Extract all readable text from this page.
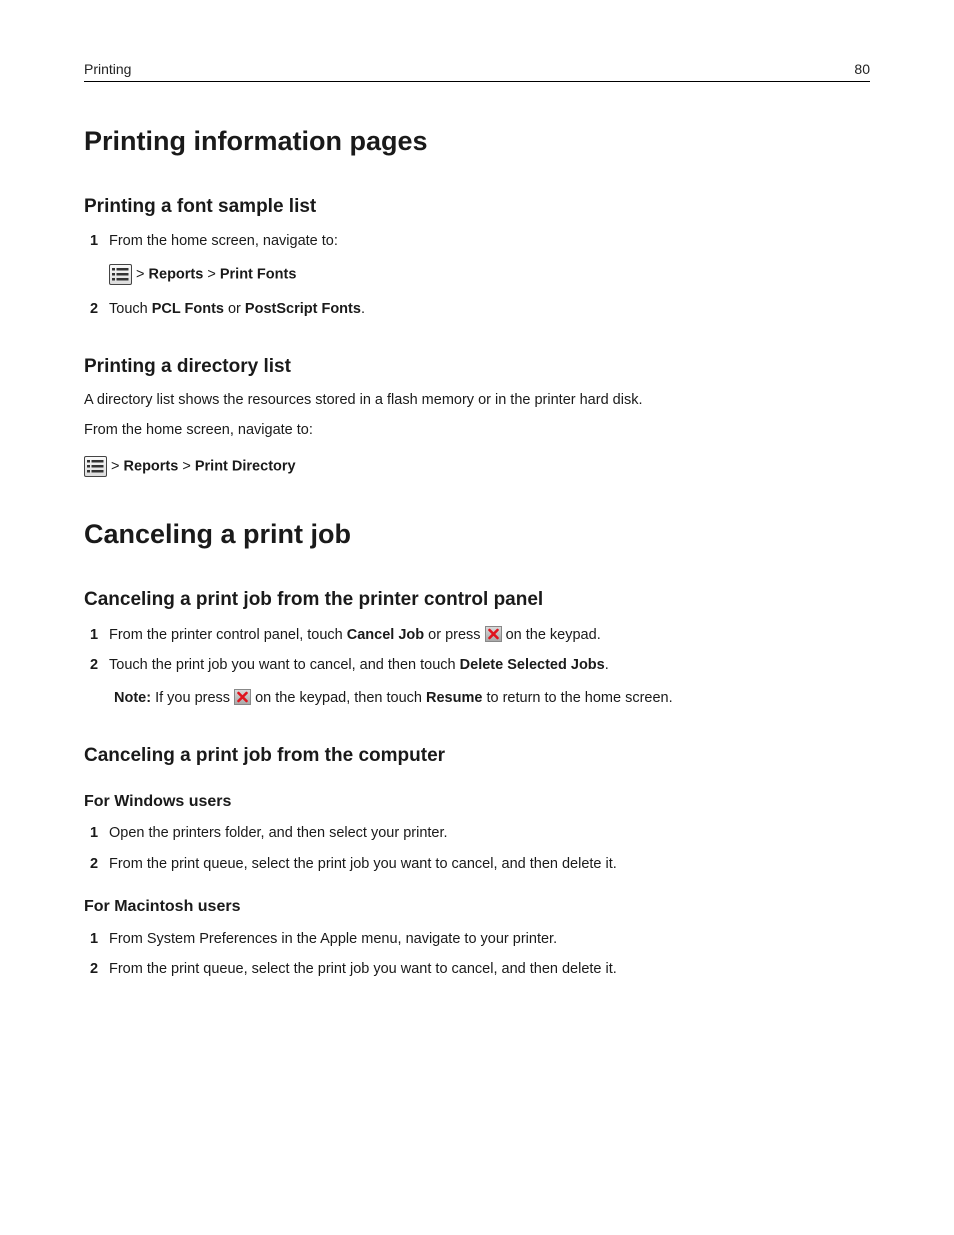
Printing	80
Printing information pages
Printing a font sample list
1 From the home screen, navigate to:
> Reports > Print Fonts
2 Touch PCL Fonts or PostScript Fonts.
Printing a directory list
A directory list shows the resources stored in a flash memory or in the printer hard disk.
From the home screen, navigate to:
> Reports > Print Directory
Canceling a print job
Canceling a print job from the printer control panel
1 From the printer control panel, touch Cancel Job or press
on the keypad.
2 Touch the print job you want to cancel, and then touch Delete Selected Jobs.
Note: If you press
on the keypad, then touch Resume to return to the home screen.
Canceling a print job from the computer
For Windows users
1 Open the printers folder, and then select your printer.
2 From the print queue, select the print job you want to cancel, and then delete it.
For Macintosh users
1 From System Preferences in the Apple menu, navigate to your printer.
2 From the print queue, select the print job you want to cancel, and then delete it.
